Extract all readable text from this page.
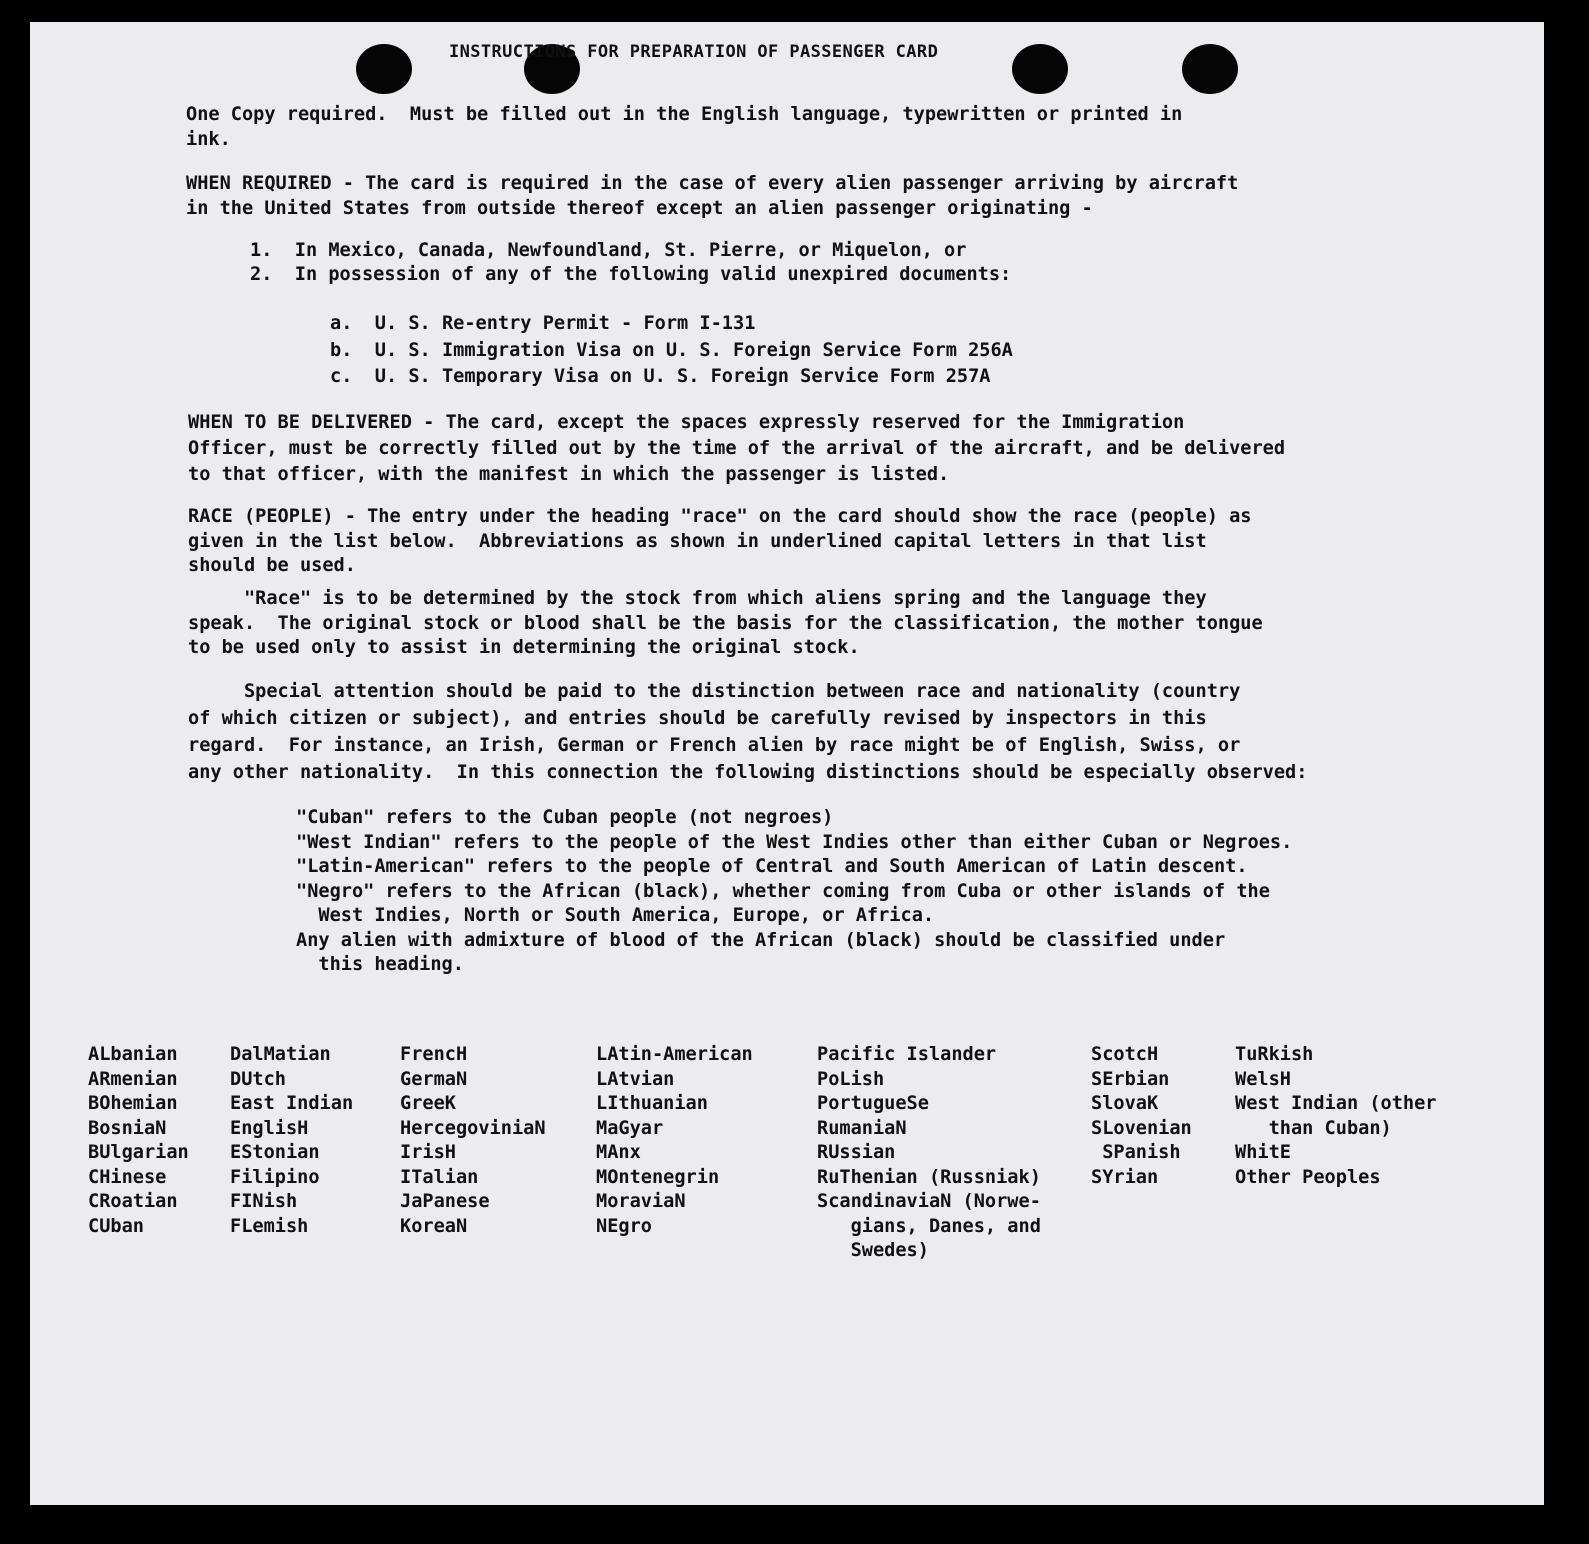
INSTRUCTIONS FOR PREPARATION OF PASSENGER CARD
One Copy required.  Must be filled out in the English language, typewritten or printed in
ink.
WHEN REQUIRED - The card is required in the case of every alien passenger arriving by aircraft
in the United States from outside thereof except an alien passenger originating -
1.  In Mexico, Canada, Newfoundland, St. Pierre, or Miquelon, or
2.  In possession of any of the following valid unexpired documents:
a.  U. S. Re-entry Permit - Form I-131
b.  U. S. Immigration Visa on U. S. Foreign Service Form 256A
c.  U. S. Temporary Visa on U. S. Foreign Service Form 257A
WHEN TO BE DELIVERED - The card, except the spaces expressly reserved for the Immigration
Officer, must be correctly filled out by the time of the arrival of the aircraft, and be delivered
to that officer, with the manifest in which the passenger is listed.
RACE (PEOPLE) - The entry under the heading "race" on the card should show the race (people) as
given in the list below.  Abbreviations as shown in underlined capital letters in that list
should be used.
"Race" is to be determined by the stock from which aliens spring and the language they
speak.  The original stock or blood shall be the basis for the classification, the mother tongue
to be used only to assist in determining the original stock.
Special attention should be paid to the distinction between race and nationality (country
of which citizen or subject), and entries should be carefully revised by inspectors in this
regard.  For instance, an Irish, German or French alien by race might be of English, Swiss, or
any other nationality.  In this connection the following distinctions should be especially observed:
"Cuban" refers to the Cuban people (not negroes)
"West Indian" refers to the people of the West Indies other than either Cuban or Negroes.
"Latin-American" refers to the people of Central and South American of Latin descent.
"Negro" refers to the African (black), whether coming from Cuba or other islands of the
West Indies, North or South America, Europe, or Africa.
Any alien with admixture of blood of the African (black) should be classified under
this heading.
ALbanian
ARmenian
BOhemian
BosniaN
BUlgarian
CHinese
CRoatian
CUban
DalMatian
DUtch
East Indian
EnglisH
EStonian
Filipino
FINish
FLemish
FrencH
GermaN
GreeK
HercegoviniaN
IrisH
ITalian
JaPanese
KoreaN
LAtin-American
LAtvian
LIthuanian
MaGyar
MAnx
MOntenegrin
MoraviaN
NEgro
Pacific Islander
PoLish
PortugueSe
RumaniaN
RUssian
RuThenian (Russniak)
ScandinaviaN (Norwe-
gians, Danes, and
Swedes)
ScotcH
SErbian
SlovaK
SLovenian
SPanish
SYrian
TuRkish
WelsH
West Indian (other
than Cuban)
WhitE
Other Peoples
